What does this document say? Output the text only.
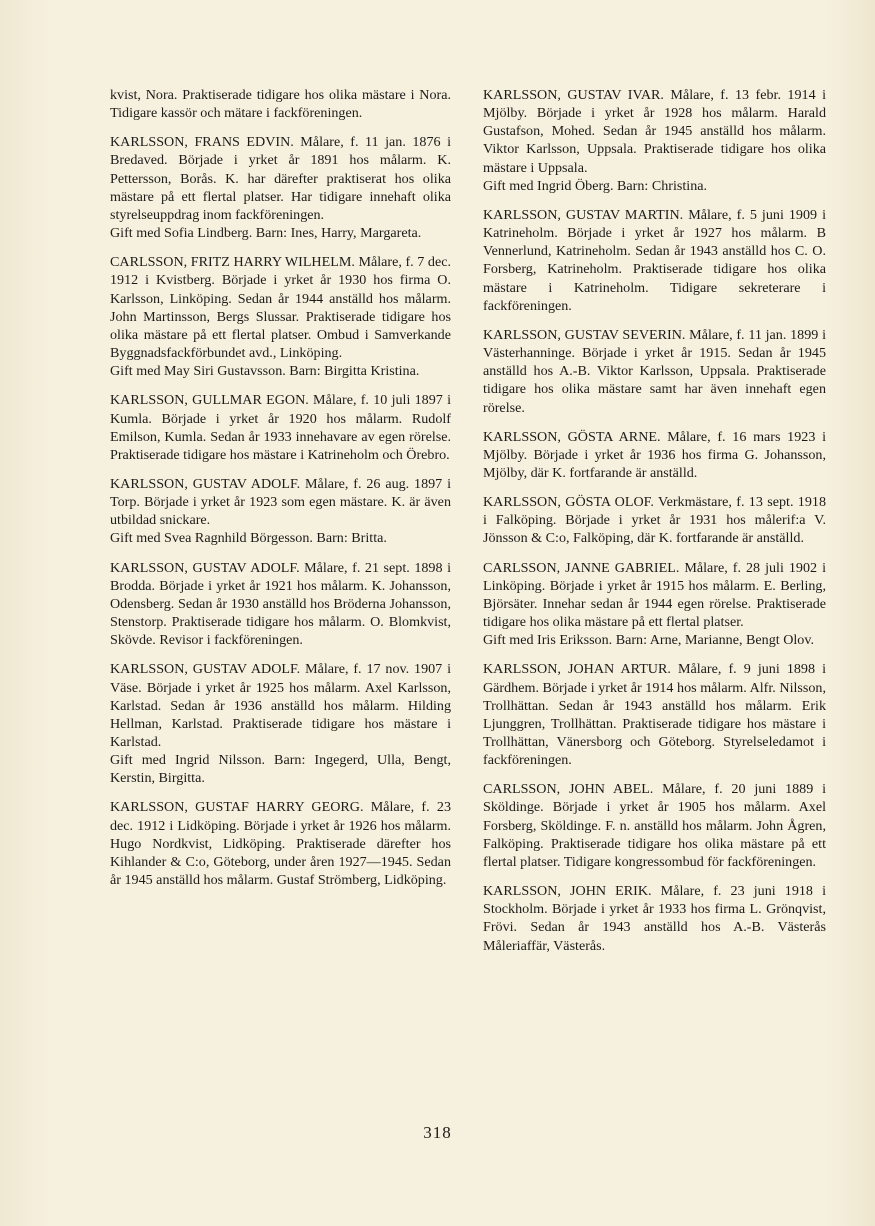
kvist, Nora. Praktiserade tidigare hos olika mästare i Nora. Tidigare kassör och mätare i fackföreningen.

KARLSSON, FRANS EDVIN. Målare, f. 11 jan. 1876 i Bredaved. Började i yrket år 1891 hos målarm. K. Pettersson, Borås. K. har därefter praktiserat hos olika mästare på ett flertal platser. Har tidigare innehaft olika styrelseuppdrag inom fackföreningen.

Gift med Sofia Lindberg. Barn: Ines, Harry, Margareta.

CARLSSON, FRITZ HARRY WILHELM. Målare, f. 7 dec. 1912 i Kvistberg. Började i yrket år 1930 hos firma O. Karlsson, Linköping. Sedan år 1944 anställd hos målarm. John Martinsson, Bergs Slussar. Praktiserade tidigare hos olika mästare på ett flertal platser. Ombud i Samverkande Byggnadsfackförbundet avd., Linköping.

Gift med May Siri Gustavsson. Barn: Birgitta Kristina.

KARLSSON, GULLMAR EGON. Målare, f. 10 juli 1897 i Kumla. Började i yrket år 1920 hos målarm. Rudolf Emilson, Kumla. Sedan år 1933 innehavare av egen rörelse. Praktiserade tidigare hos mästare i Katrineholm och Örebro.

KARLSSON, GUSTAV ADOLF. Målare, f. 26 aug. 1897 i Torp. Började i yrket år 1923 som egen mästare. K. är även utbildad snickare.

Gift med Svea Ragnhild Börgesson. Barn: Britta.

KARLSSON, GUSTAV ADOLF. Målare, f. 21 sept. 1898 i Brodda. Började i yrket år 1921 hos målarm. K. Johansson, Odensberg. Sedan år 1930 anställd hos Bröderna Johansson, Stenstorp. Praktiserade tidigare hos målarm. O. Blomkvist, Skövde. Revisor i fackföreningen.

KARLSSON, GUSTAV ADOLF. Målare, f. 17 nov. 1907 i Väse. Började i yrket år 1925 hos målarm. Axel Karlsson, Karlstad. Sedan år 1936 anställd hos målarm. Hilding Hellman, Karlstad. Praktiserade tidigare hos mästare i Karlstad.

Gift med Ingrid Nilsson. Barn: Ingegerd, Ulla, Bengt, Kerstin, Birgitta.

KARLSSON, GUSTAF HARRY GEORG. Målare, f. 23 dec. 1912 i Lidköping. Började i yrket år 1926 hos målarm. Hugo Nordkvist, Lidköping. Praktiserade därefter hos Kihlander & C:o, Göteborg, under åren 1927—1945. Sedan år 1945 anställd hos målarm. Gustaf Strömberg, Lidköping.

KARLSSON, GUSTAV IVAR. Målare, f. 13 febr. 1914 i Mjölby. Började i yrket år 1928 hos målarm. Harald Gustafson, Mohed. Sedan år 1945 anställd hos målarm. Viktor Karlsson, Uppsala. Praktiserade tidigare hos olika mästare i Uppsala.

Gift med Ingrid Öberg. Barn: Christina.

KARLSSON, GUSTAV MARTIN. Målare, f. 5 juni 1909 i Katrineholm. Började i yrket år 1927 hos målarm. B Vennerlund, Katrineholm. Sedan år 1943 anställd hos C. O. Forsberg, Katrineholm. Praktiserade tidigare hos olika mästare i Katrineholm. Tidigare sekreterare i fackföreningen.

KARLSSON, GUSTAV SEVERIN. Målare, f. 11 jan. 1899 i Västerhanninge. Började i yrket år 1915. Sedan år 1945 anställd hos A.-B. Viktor Karlsson, Uppsala. Praktiserade tidigare hos olika mästare samt har även innehaft egen rörelse.

KARLSSON, GÖSTA ARNE. Målare, f. 16 mars 1923 i Mjölby. Började i yrket år 1936 hos firma G. Johansson, Mjölby, där K. fortfarande är anställd.

KARLSSON, GÖSTA OLOF. Verkmästare, f. 13 sept. 1918 i Falköping. Började i yrket år 1931 hos målerif:a V. Jönsson & C:o, Falköping, där K. fortfarande är anställd.

CARLSSON, JANNE GABRIEL. Målare, f. 28 juli 1902 i Linköping. Började i yrket år 1915 hos målarm. E. Berling, Björsäter. Innehar sedan år 1944 egen rörelse. Praktiserade tidigare hos olika mästare på ett flertal platser.

Gift med Iris Eriksson. Barn: Arne, Marianne, Bengt Olov.

KARLSSON, JOHAN ARTUR. Målare, f. 9 juni 1898 i Gärdhem. Började i yrket år 1914 hos målarm. Alfr. Nilsson, Trollhättan. Sedan år 1943 anställd hos målarm. Erik Ljunggren, Trollhättan. Praktiserade tidigare hos mästare i Trollhättan, Vänersborg och Göteborg. Styrelseledamot i fackföreningen.

CARLSSON, JOHN ABEL. Målare, f. 20 juni 1889 i Sköldinge. Började i yrket år 1905 hos målarm. Axel Forsberg, Sköldinge. F. n. anställd hos målarm. John Ågren, Falköping. Praktiserade tidigare hos olika mästare på ett flertal platser. Tidigare kongressombud för fackföreningen.

KARLSSON, JOHN ERIK. Målare, f. 23 juni 1918 i Stockholm. Började i yrket år 1933 hos firma L. Grönqvist, Frövi. Sedan år 1943 anställd hos A.-B. Västerås Måleriaffär, Västerås.

318
